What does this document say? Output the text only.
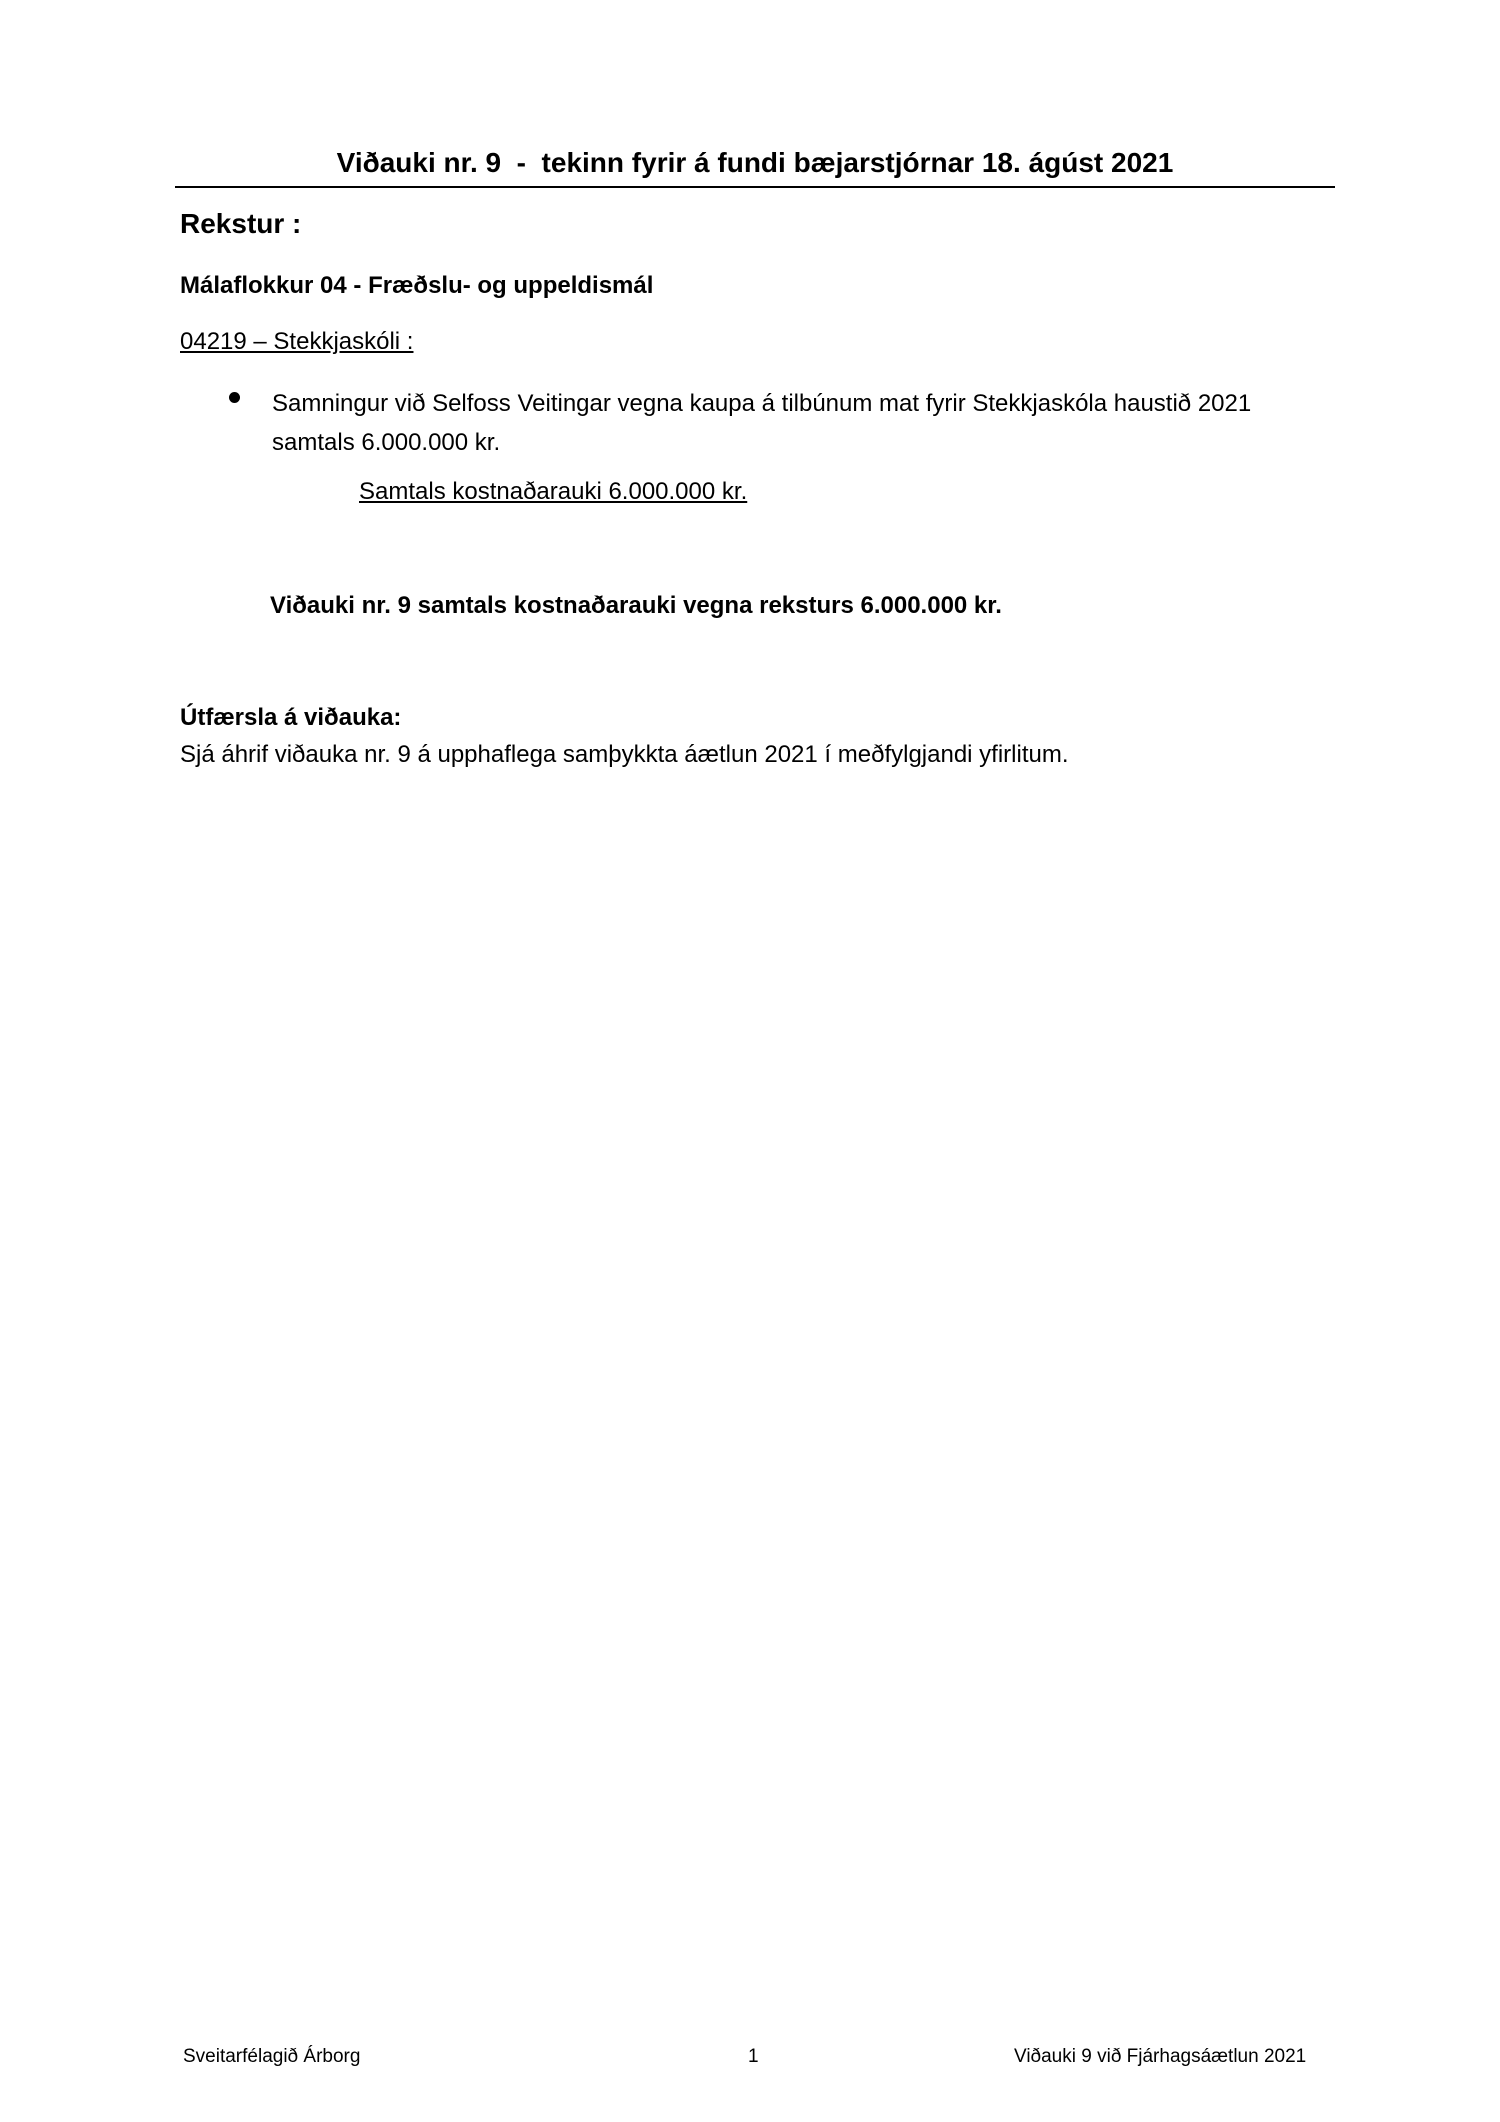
Viðauki nr. 9  -  tekinn fyrir á fundi bæjarstjórnar 18. ágúst 2021
Rekstur :
Málaflokkur 04 - Fræðslu- og uppeldismál
04219 – Stekkjaskóli :
Samningur við Selfoss Veitingar vegna kaupa á tilbúnum mat fyrir Stekkjaskóla haustið 2021 samtals 6.000.000 kr.
Samtals kostnaðarauki 6.000.000 kr.
Viðauki nr. 9 samtals kostnaðarauki vegna reksturs 6.000.000 kr.
Útfærsla á viðauka:
Sjá áhrif viðauka nr. 9 á upphaflega samþykkta áætlun 2021 í meðfylgjandi yfirlitum.
Sveitarfélagið Árborg	1	Viðauki 9 við Fjárhagsáætlun 2021
